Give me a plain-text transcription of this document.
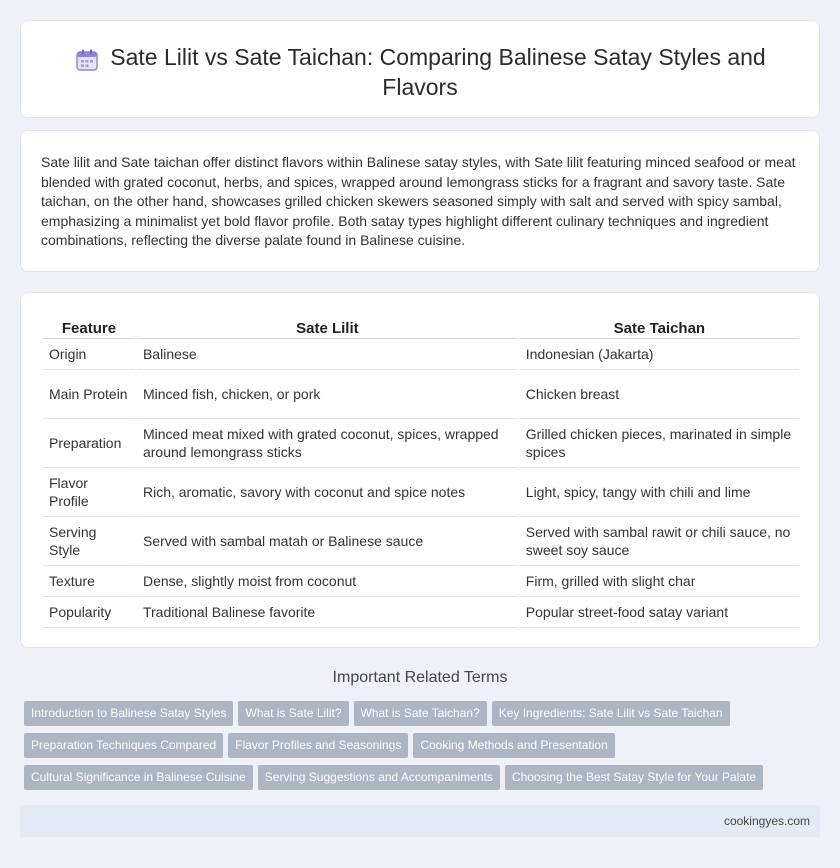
Sate Lilit vs Sate Taichan: Comparing Balinese Satay Styles and Flavors

Sate lilit and Sate taichan offer distinct flavors within Balinese satay styles, with Sate lilit featuring minced seafood or meat blended with grated coconut, herbs, and spices, wrapped around lemongrass sticks for a fragrant and savory taste. Sate taichan, on the other hand, showcases grilled chicken skewers seasoned simply with salt and served with spicy sambal, emphasizing a minimalist yet bold flavor profile. Both satay types highlight different culinary techniques and ingredient combinations, reflecting the diverse palate found in Balinese cuisine.

Feature	Sate Lilit	Sate Taichan
Origin	Balinese	Indonesian (Jakarta)
Main Protein	Minced fish, chicken, or pork	Chicken breast
Preparation	Minced meat mixed with grated coconut, spices, wrapped around lemongrass sticks	Grilled chicken pieces, marinated in simple spices
Flavor Profile	Rich, aromatic, savory with coconut and spice notes	Light, spicy, tangy with chili and lime
Serving Style	Served with sambal matah or Balinese sauce	Served with sambal rawit or chili sauce, no sweet soy sauce
Texture	Dense, slightly moist from coconut	Firm, grilled with slight char
Popularity	Traditional Balinese favorite	Popular street-food satay variant
Important Related Terms
Introduction to Balinese Satay Styles What is Sate Lilit? What is Sate Taichan? Key Ingredients: Sate Lilit vs Sate Taichan
Preparation Techniques Compared Flavor Profiles and Seasonings Cooking Methods and Presentation
Cultural Significance in Balinese Cuisine Serving Suggestions and Accompaniments Choosing the Best Satay Style for Your Palate
cookingyes.com
